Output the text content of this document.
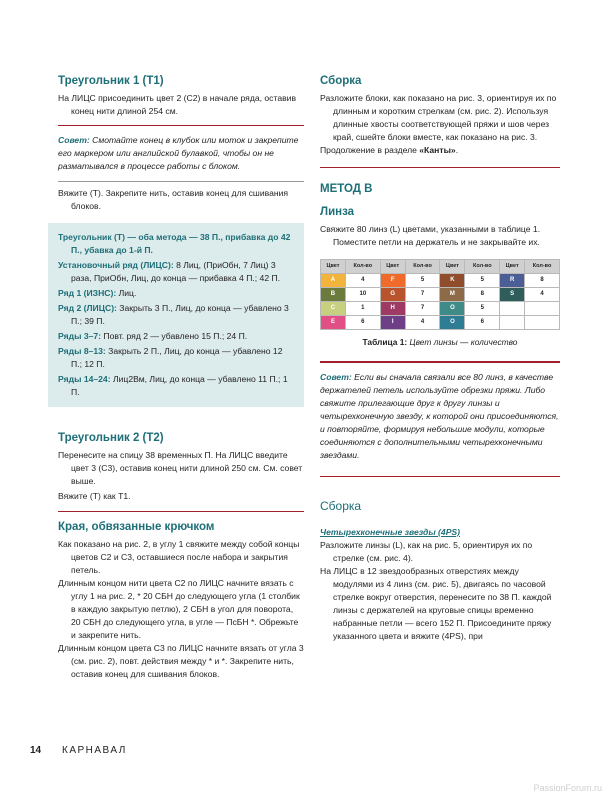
Треугольник 1 (Т1)

На ЛИЦС присоединить цвет 2 (С2) в начале ряда, оставив конец нити длиной 254 см.

Совет: Смотайте конец в клубок или моток и закрепите его маркером или английской булавкой, чтобы он не разматывался в процессе работы с блоком.

Вяжите (Т). Закрепите нить, оставив конец для сшивания блоков.

Треугольник (Т) — оба метода — 38 П., прибавка до 42 П., убавка до 1-й П.

Установочный ряд (ЛИЦС): 8 Лиц, (ПриОбн, 7 Лиц) 3 раза, ПриОбн, Лиц, до конца — прибавка 4 П.; 42 П.

Ряд 1 (ИЗНС): Лиц.

Ряд 2 (ЛИЦС): Закрыть 3 П., Лиц, до конца — убавлено 3 П.; 39 П.

Ряды 3–7: Повт. ряд 2 — убавлено 15 П.; 24 П.

Ряды 8–13: Закрыть 2 П., Лиц, до конца — убавлено 12 П.; 12 П.

Ряды 14–24: Лиц2Вм, Лиц, до конца — убавлено 11 П.; 1 П.

Треугольник 2 (Т2)

Перенесите на спицу 38 временных П. На ЛИЦС введите цвет 3 (С3), оставив конец нити длиной 250 см. См. совет выше.

Вяжите (Т) как Т1.

Края, обвязанные крючком

Как показано на рис. 2, в углу 1 свяжите между собой концы цветов С2 и С3, оставшиеся после набора и закрытия петель.

Длинным концом нити цвета С2 по ЛИЦС начните вязать с углу 1 на рис. 2, * 20 СБН до следующего угла (1 столбик в каждую закрытую петлю), 2 СБН в угол для поворота, 20 СБН до следующего угла, в угле — ПсБН *. Обрежьте и закрепите нить.

Длинным концом цвета С3 по ЛИЦС начните вязать от угла 3 (см. рис. 2), повт. действия между * и *. Закрепите нить, оставив конец для сшивания блоков.

Сборка

Разложите блоки, как показано на рис. 3, ориентируя их по длинным и коротким стрелкам (см. рис. 2). Используя длинные хвосты соответствующей пряжи и шов через край, сшейте блоки вместе, как показано на рис. 3.

Продолжение в разделе «Канты».

МЕТОД В
Линза

Свяжите 80 линз (L) цветами, указанными в таблице 1. Поместите петли на держатель и не закрывайте их.

Цвет	Кол-во	Цвет	Кол-во	Цвет	Кол-во	Цвет	Кол-во
A	4	F	5	K	5	R	8
B	10	G	7	M	8	S	4
C	1	H	7	O	5		
E	6	I	4	O	6		
Таблица 1: Цвет линзы — количество

Совет: Если вы сначала связали все 80 линз, в качестве держателей петель используйте обрезки пряжи. Либо свяжите прилегающие друг к другу линзы и четырехконечную звезду, к которой они присоединяются, и повторяйте, формируя небольшие модули, которые соединяются с дополнительными четырехконечными звездами.

Сборка
Четырехконечные звезды (4PS)

Разложите линзы (L), как на рис. 5, ориентируя их по стрелке (см. рис. 4).

На ЛИЦС в 12 звездообразных отверстиях между модулями из 4 линз (см. рис. 5), двигаясь по часовой стрелке вокруг отверстия, перенесите по 38 П. каждой линзы с держателей на круговые спицы временно набранные петли — всего 152 П. Присоедините пряжу указанного цвета и вяжите (4PS), при

14 КАРНАВАЛ
PassionForum.ru
